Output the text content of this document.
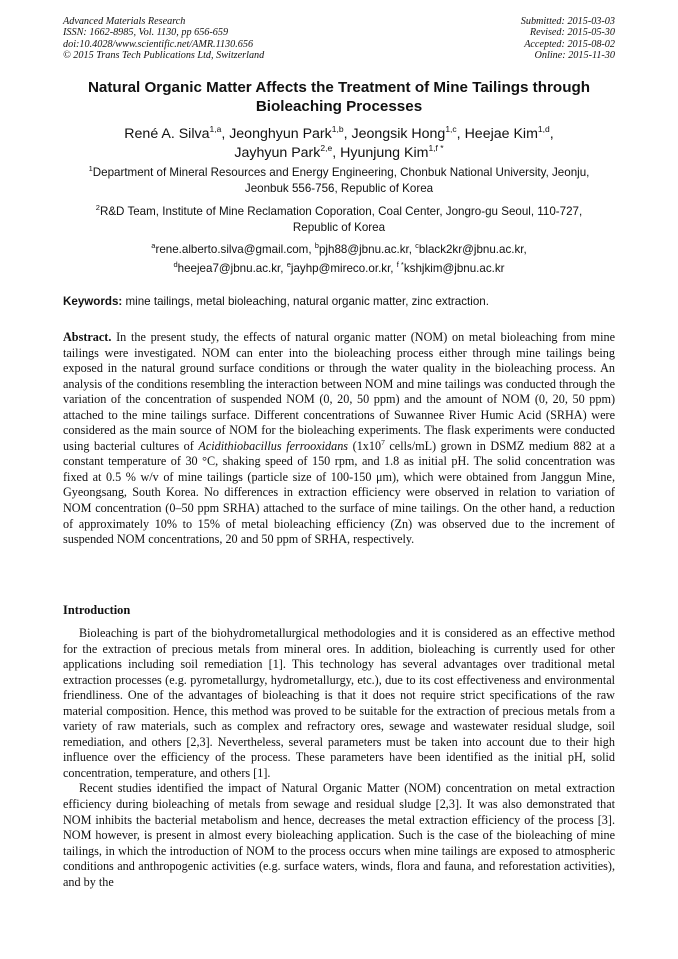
Advanced Materials Research
ISSN: 1662-8985, Vol. 1130, pp 656-659
doi:10.4028/www.scientific.net/AMR.1130.656
© 2015 Trans Tech Publications Ltd, Switzerland
Submitted: 2015-03-03
Revised: 2015-05-30
Accepted: 2015-08-02
Online: 2015-11-30
Natural Organic Matter Affects the Treatment of Mine Tailings through Bioleaching Processes
René A. Silva$^{1,a}$, Jeonghyun Park$^{1,b}$, Jeongsik Hong$^{1,c}$, Heejae Kim$^{1,d}$,
Jayhyun Park$^{2,e}$, Hyunjung Kim$^{1,f *}$
$^1$Department of Mineral Resources and Energy Engineering, Chonbuk National University, Jeonju, Jeonbuk 556-756, Republic of Korea
$^2$R&D Team, Institute of Mine Reclamation Coporation, Coal Center, Jongro-gu Seoul, 110-727, Republic of Korea
$^a$rene.alberto.silva@gmail.com, $^b$pjh88@jbnu.ac.kr, $^c$black2kr@jbnu.ac.kr,
$^d$heejea7@jbnu.ac.kr, $^e$jayhp@mireco.or.kr, $^{f *}$kshjkim@jbnu.ac.kr
Keywords: mine tailings, metal bioleaching, natural organic matter, zinc extraction.
Abstract. In the present study, the effects of natural organic matter (NOM) on metal bioleaching from mine tailings were investigated. NOM can enter into the bioleaching process either through mine tailings being exposed in the natural ground surface conditions or through the water quality in the bioleaching process. An analysis of the conditions resembling the interaction between NOM and mine tailings was conducted through the variation of the concentration of suspended NOM (0, 20, 50 ppm) and the amount of NOM (0, 20, 50 ppm) attached to the mine tailings surface. Different concentrations of Suwannee River Humic Acid (SRHA) were considered as the main source of NOM for the bioleaching experiments. The flask experiments were conducted using bacterial cultures of Acidithiobacillus ferrooxidans ($1x10^7$ cells/mL) grown in DSMZ medium 882 at a constant temperature of 30 °C, shaking speed of 150 rpm, and 1.8 as initial pH. The solid concentration was fixed at 0.5 % w/v of mine tailings (particle size of 100-150 μm), which were obtained from Janggun Mine, Gyeongsang, South Korea. No differences in extraction efficiency were observed in relation to variation of NOM concentration (0–50 ppm SRHA) attached to the surface of mine tailings. On the other hand, a reduction of approximately 10% to 15% of metal bioleaching efficiency (Zn) was observed due to the increment of suspended NOM concentrations, 20 and 50 ppm of SRHA, respectively.
Introduction

Bioleaching is part of the biohydrometallurgical methodologies and it is considered as an effective method for the extraction of precious metals from mineral ores. In addition, bioleaching is currently used for other applications including soil remediation [1]. This technology has several advantages over traditional metal extraction processes (e.g. pyrometallurgy, hydrometallurgy, etc.), due to its cost effectiveness and environmental friendliness. One of the advantages of bioleaching is that it does not require strict specifications of the raw material composition. Hence, this method was proved to be suitable for the extraction of precious metals from a variety of raw materials, such as complex and refractory ores, sewage and wastewater residual sludge, soil remediation, and others [2,3]. Nevertheless, several parameters must be taken into account due to their high influence over the efficiency of the process. These parameters have been identified as the initial pH, solid concentration, temperature, and others [1].

Recent studies identified the impact of Natural Organic Matter (NOM) concentration on metal extraction efficiency during bioleaching of metals from sewage and residual sludge [2,3]. It was also demonstrated that NOM inhibits the bacterial metabolism and hence, decreases the metal extraction efficiency of the process [3]. NOM however, is present in almost every bioleaching application. Such is the case of the bioleaching of mine tailings, in which the introduction of NOM to the process occurs when mine tailings are exposed to atmospheric conditions and anthropogenic activities (e.g. surface waters, winds, flora and fauna, and reforestation activities), and by the
